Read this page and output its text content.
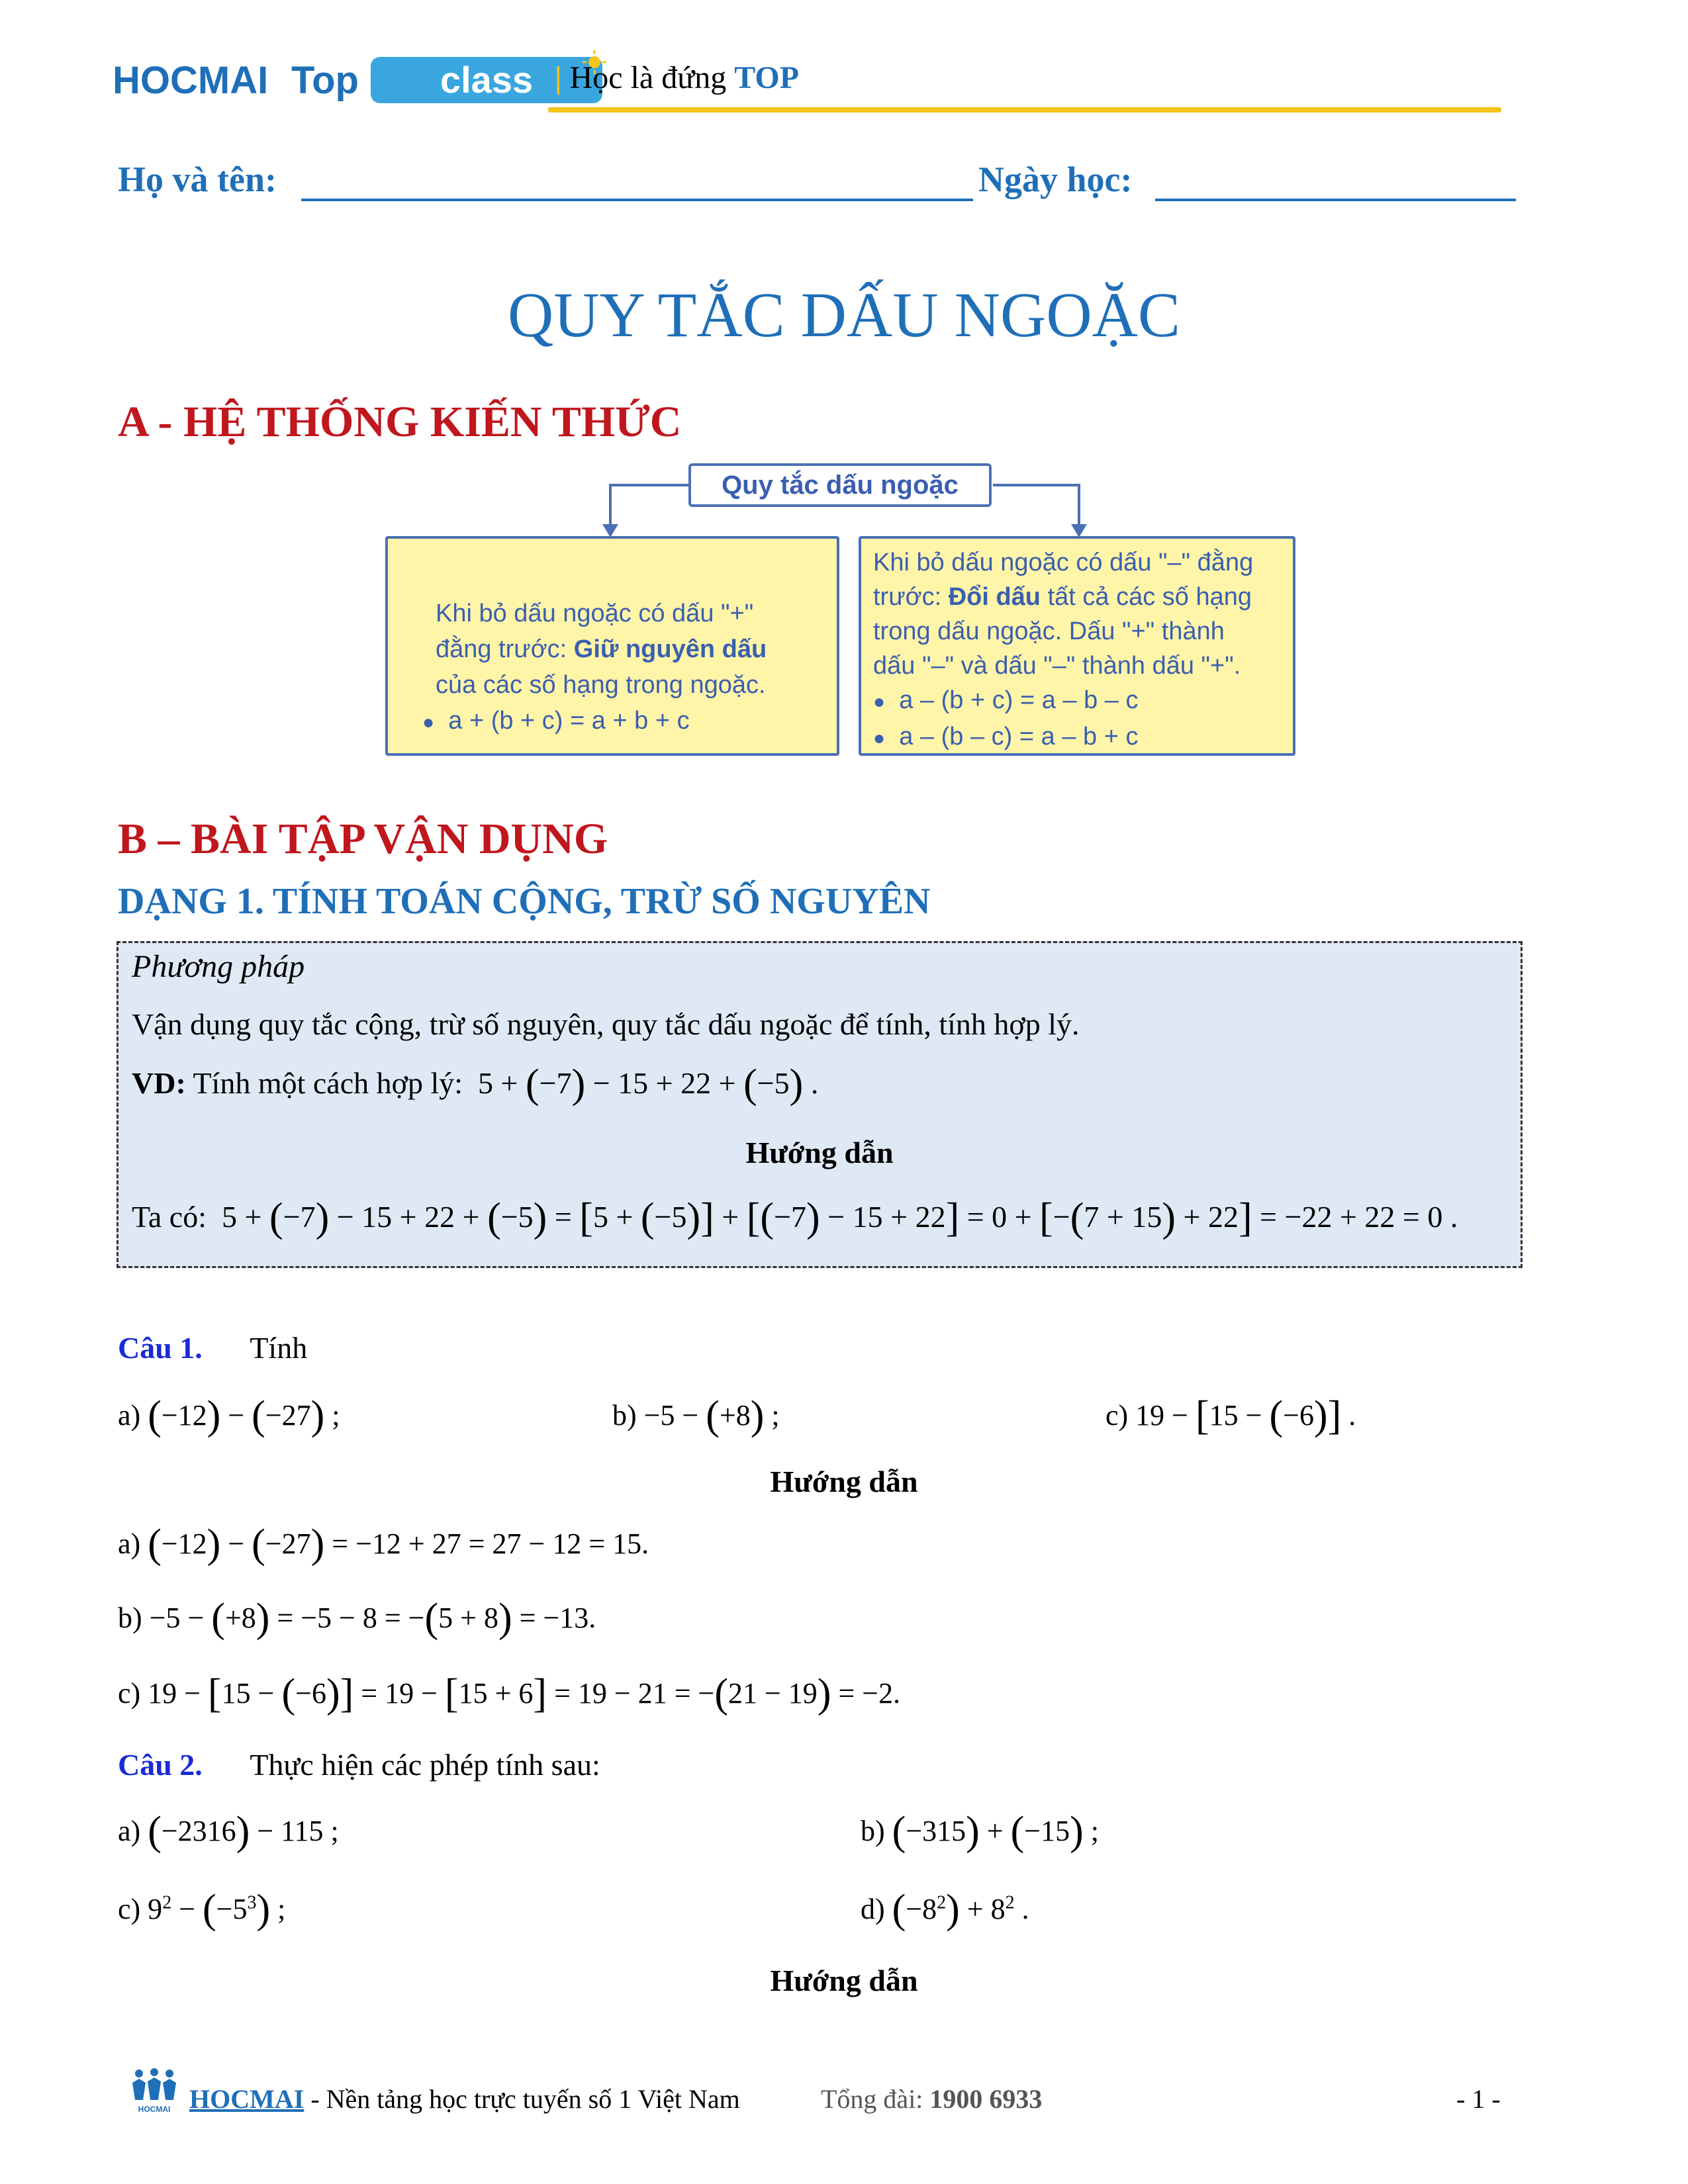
HOCMAI Top	class | Học là đứng TOP
Họ và tên:	Ngày học:
QUY TẮC DẤU NGOẶC
A - HỆ THỐNG KIẾN THỨC
Quy tắc dấu ngoặc
Khi bỏ dấu ngoặc có dấu "+"
đằng trước: Giữ nguyên dấu
của các số hạng trong ngoặc.
● a + (b + c) = a + b + c
Khi bỏ dấu ngoặc có dấu "–" đằng
trước: Đổi dấu tất cả các số hạng
trong dấu ngoặc. Dấu "+" thành
dấu "–" và dấu "–" thành dấu "+".
● a – (b + c) = a – b – c
● a – (b – c) = a – b + c
B – BÀI TẬP VẬN DỤNG
DẠNG 1. TÍNH TOÁN CỘNG, TRỪ SỐ NGUYÊN
Phương pháp
Vận dụng quy tắc cộng, trừ số nguyên, quy tắc dấu ngoặc để tính, tính hợp lý.
VD: Tính một cách hợp lý:  5 + (−7) − 15 + 22 + (−5) .
Hướng dẫn
Ta có:  5 + (−7) − 15 + 22 + (−5) = [5 + (−5)] + [(−7) − 15 + 22] = 0 + [−(7 + 15) + 22] = −22 + 22 = 0 .
Câu 1. Tính
a) (−12) − (−27) ;	b) −5 − (+8) ;	c) 19 − [15 − (−6)] .
Hướng dẫn
a) (−12) − (−27) = −12 + 27 = 27 − 12 = 15.
b) −5 − (+8) = −5 − 8 = −(5 + 8) = −13.
c) 19 − [15 − (−6)] = 19 − [15 + 6] = 19 − 21 = −(21 − 19) = −2.
Câu 2. Thực hiện các phép tính sau:
a) (−2316) − 115 ;	b) (−315) + (−15) ;
c) $9^2 - (-5^3)$ ;	d) $(-8^2) + 8^2$ .
Hướng dẫn
HOCMAI HOCMAI - Nền tảng học trực tuyến số 1 Việt Nam	Tổng đài: 1900 6933	- 1 -
